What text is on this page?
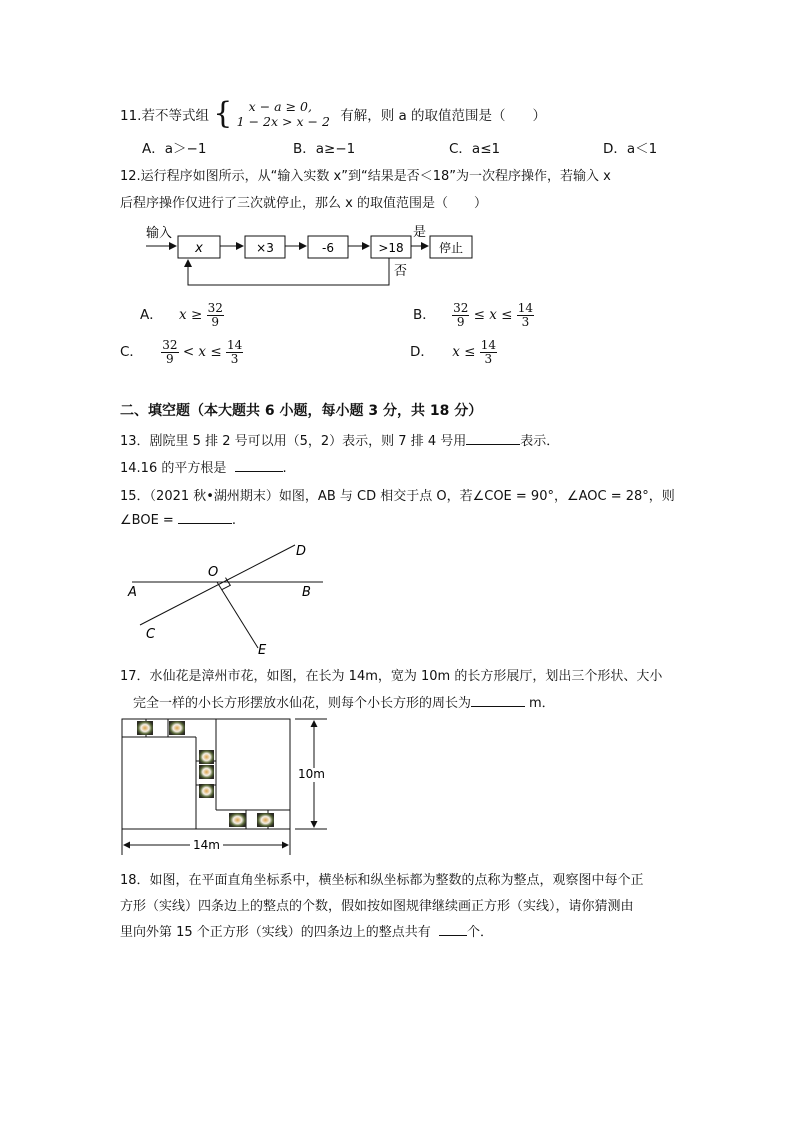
11.若不等式组 {	x − a ≥ 0,
1 − 2x > x − 2 有解，则 a 的取值范围是（　　）
A．a＞−1	B．a≥−1	C．a≤1	D．a＜1
12.运行程序如图所示，从“输入实数 x”到“结果是否＜18”为一次程序操作，若输入 x
后程序操作仅进行了三次就停止，那么 x 的取值范围是（　　）
输入
x	×3	-6	>18
是
停止
否
A． $x \ge \frac{32}{9}$	B． $\frac{32}{9} \le x \le \frac{14}{3}$
C． $\frac{32}{9} < x \le \frac{14}{3}$	D． $x \le \frac{14}{3}$
二、填空题（本大题共 6 小题，每小题 3 分，共 18 分）
13．剧院里 5 排 2 号可以用（5，2）表示，则 7 排 4 号用	表示．
14.16 的平方根是	.
15．（2021 秋•湖州期末）如图，AB 与 CD 相交于点 O，若∠COE = 90°，∠AOC = 28°，则
∠BOE =	.
O
A	B
C
D
E
17．水仙花是漳州市花，如图，在长为 14m，宽为 10m 的长方形展厅，划出三个形状、大小
完全一样的小长方形摆放水仙花，则每个小长方形的周长为	m．
10m
14m
18．如图，在平面直角坐标系中，横坐标和纵坐标都为整数的点称为整点，观察图中每个正
方形（实线）四条边上的整点的个数，假如按如图规律继续画正方形（实线），请你猜测由
里向外第 15 个正方形（实线）的四条边上的整点共有	个．
